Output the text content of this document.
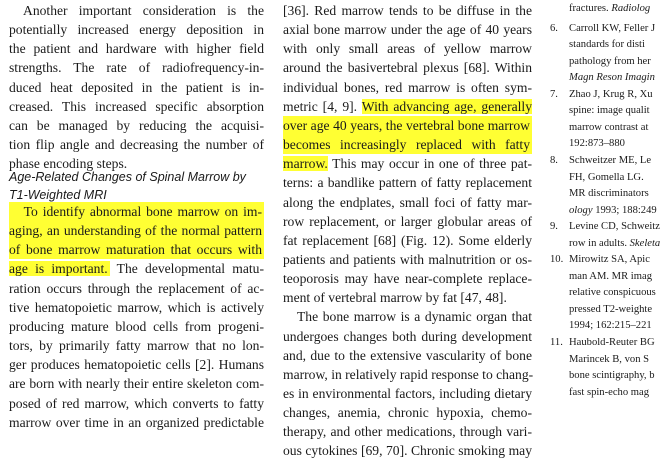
Another important consideration is the
potentially increased energy deposition in
the patient and hardware with higher field
strengths. The rate of radiofrequency-in-
duced heat deposited in the patient is in-
creased. This increased specific absorption
can be managed by reducing the acquisi-
tion flip angle and decreasing the number of
phase encoding steps.
Age-Related Changes of Spinal Marrow by
T1-Weighted MRI
To identify abnormal bone marrow on im-
aging, an understanding of the normal pattern
of bone marrow maturation that occurs with
age is important. The developmental matu-
ration occurs through the replacement of ac-
tive hematopoietic marrow, which is actively
producing mature blood cells from progeni-
tors, by primarily fatty marrow that no lon-
ger produces hematopoietic cells [2]. Humans
are born with nearly their entire skeleton com-
posed of red marrow, which converts to fatty
marrow over time in an organized predictable
[36]. Red marrow tends to be diffuse in the
axial bone marrow under the age of 40 years
with only small areas of yellow marrow
around the basivertebral plexus [68]. Within
individual bones, red marrow is often sym-
metric [4, 9]. With advancing age, generally
over age 40 years, the vertebral bone marrow
becomes increasingly replaced with fatty
marrow. This may occur in one of three pat-
terns: a bandlike pattern of fatty replacement
along the endplates, small foci of fatty mar-
row replacement, or larger globular areas of
fat replacement [68] (Fig. 12). Some elderly
patients and patients with malnutrition or os-
teoporosis may have near-complete replace-
ment of vertebral marrow by fat [47, 48].
The bone marrow is a dynamic organ that
undergoes changes both during development
and, due to the extensive vascularity of bone
marrow, in relatively rapid response to chang-
es in environmental factors, including dietary
changes, anemia, chronic hypoxia, chemo-
therapy, and other medications, through vari-
ous cytokines [69, 70]. Chronic smoking may
fractures. Radiolog
6. Carroll KW, Feller J
standards for disti
pathology from her
Magn Reson Imagin
7. Zhao J, Krug R, Xu
spine: image qualit
marrow contrast at
192:873–880
8. Schweitzer ME, Le
FH, Gomella LG.
MR discriminators
ology 1993; 188:249
9. Levine CD, Schweitz
row in adults. Skeleta
10. Mirowitz SA, Apic
man AM. MR imag
relative conspicuous
pressed T2-weighte
1994; 162:215–221
11. Haubold-Reuter BG
Marincek B, von S
bone scintigraphy, b
fast spin-echo mag
